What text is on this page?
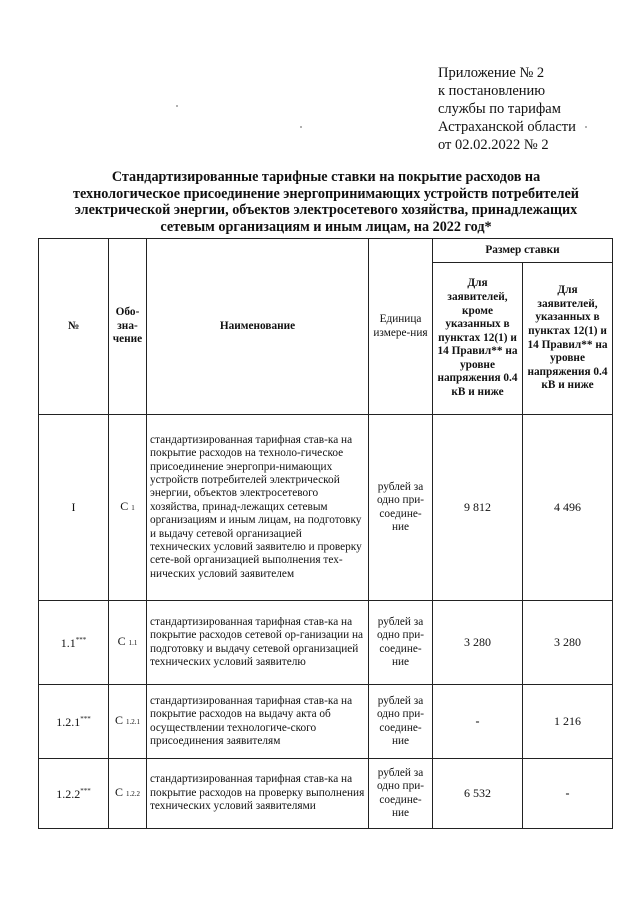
Приложение № 2
к постановлению
службы по тарифам
Астраханской области
от 02.02.2022 № 2
Стандартизированные тарифные ставки на покрытие расходов на
технологическое присоединение энергопринимающих устройств потребителей
электрической энергии, объектов электросетевого хозяйства, принадлежащих
сетевым организациям и иным лицам, на 2022 год*
№	Обо-зна-чение	Наименование	Единица измере-ния	Размер ставки	
				Для заявителей, кроме указанных в пунктах 12(1) и 14 Правил** на уровне напряжения 0.4 кВ и ниже	Для заявителей, указанных в пунктах 12(1) и 14 Правил** на уровне напряжения 0.4 кВ и ниже
I	С 1	стандартизированная тарифная став-ка на покрытие расходов на техноло-гическое присоединение энергопри-нимающих устройств потребителей электрической энергии, объектов электросетевого хозяйства, принад-лежащих сетевым организациям и иным лицам, на подготовку и выдачу сетевой организацией технических условий заявителю и проверку сете-вой организацией выполнения тех-нических условий заявителем	рублей за одно при-соедине-ние	9 812	4 496
1.1***	С 1.1	стандартизированная тарифная став-ка на покрытие расходов сетевой ор-ганизации на подготовку и выдачу сетевой организацией технических условий заявителю	рублей за одно при-соедине-ние	3 280	3 280
1.2.1***	С 1.2.1	стандартизированная тарифная став-ка на покрытие расходов на выдачу акта об осуществлении технологиче-ского присоединения заявителям	рублей за одно при-соедине-ние	-	1 216
1.2.2***	С 1.2.2	стандартизированная тарифная став-ка на покрытие расходов на проверку выполнения технических условий заявителями	рублей за одно при-соедине-ние	6 532	-
